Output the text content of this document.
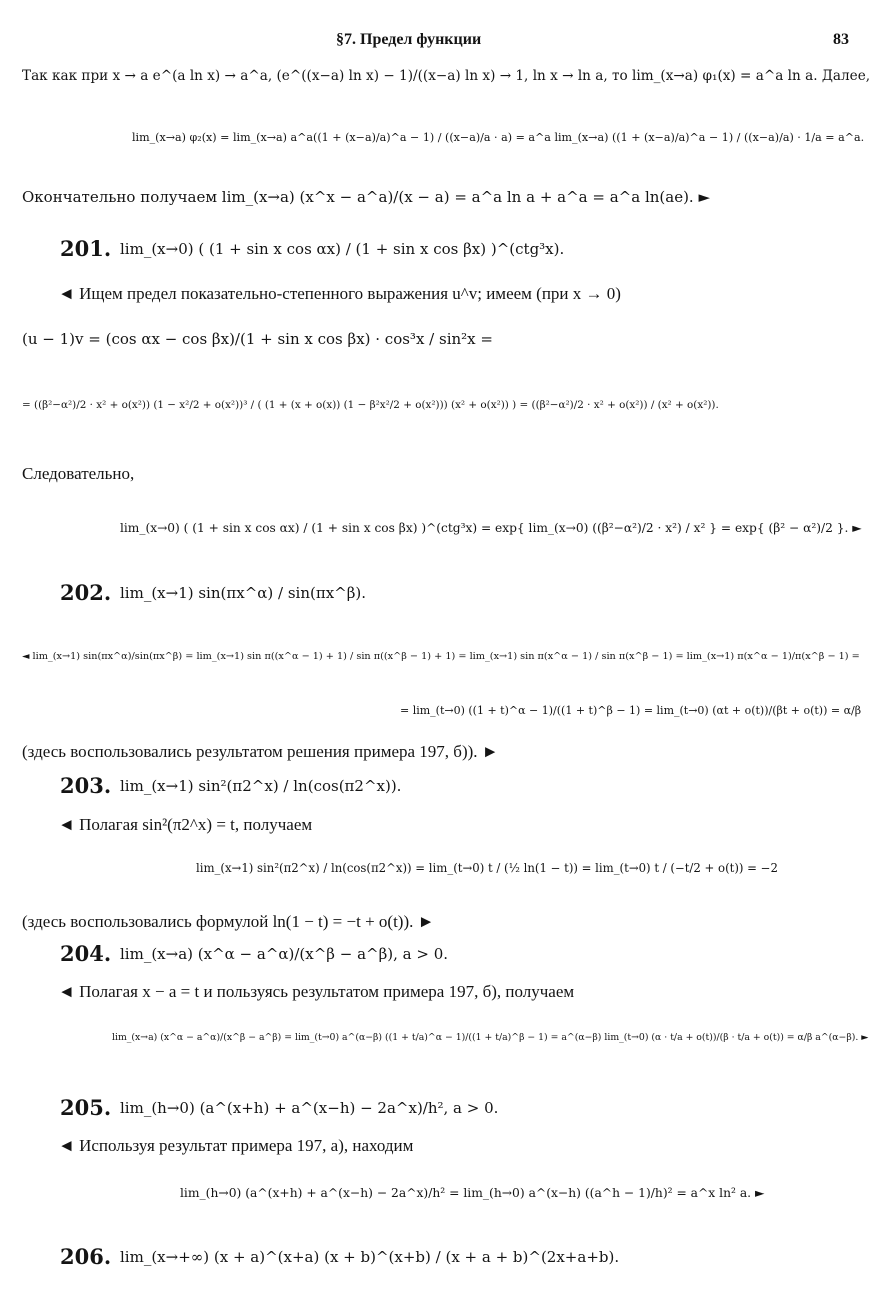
§7. Предел функции	83
Так как при x → a e^(a ln x) → a^a, (e^((x−a) ln x) − 1)/((x−a) ln x) → 1, ln x → ln a, то lim_(x→a) φ₁(x) = a^a ln a. Далее,
lim_(x→a) φ₂(x) = lim_(x→a) a^a((1 + (x−a)/a)^a − 1) / ((x−a)/a · a) = a^a lim_(x→a) ((1 + (x−a)/a)^a − 1) / ((x−a)/a) · 1/a = a^a.
Окончательно получаем lim_(x→a) (x^x − a^a)/(x − a) = a^a ln a + a^a = a^a ln(ae). ►
201. lim_(x→0) ( (1 + sin x cos αx) / (1 + sin x cos βx) )^(ctg³x).
◄ Ищем предел показательно-степенного выражения u^v; имеем (при x → 0)
(u − 1)v = (cos αx − cos βx)/(1 + sin x cos βx) · cos³x / sin²x =
= ((β²−α²)/2 · x² + o(x²)) (1 − x²/2 + o(x²))³ / ( (1 + (x + o(x)) (1 − β²x²/2 + o(x²))) (x² + o(x²)) ) = ((β²−α²)/2 · x² + o(x²)) / (x² + o(x²)).
Следовательно,
lim_(x→0) ( (1 + sin x cos αx) / (1 + sin x cos βx) )^(ctg³x) = exp{ lim_(x→0) ((β²−α²)/2 · x²) / x² } = exp{ (β² − α²)/2 }. ►
202. lim_(x→1) sin(πx^α) / sin(πx^β).
◄ lim_(x→1) sin(πx^α)/sin(πx^β) = lim_(x→1) sin π((x^α − 1) + 1) / sin π((x^β − 1) + 1) = lim_(x→1) sin π(x^α − 1) / sin π(x^β − 1) = lim_(x→1) π(x^α − 1)/π(x^β − 1) =
= lim_(t→0) ((1 + t)^α − 1)/((1 + t)^β − 1) = lim_(t→0) (αt + o(t))/(βt + o(t)) = α/β
(здесь воспользовались результатом решения примера 197, б)). ►
203. lim_(x→1) sin²(π2^x) / ln(cos(π2^x)).
◄ Полагая sin²(π2^x) = t, получаем
lim_(x→1) sin²(π2^x) / ln(cos(π2^x)) = lim_(t→0) t / (½ ln(1 − t)) = lim_(t→0) t / (−t/2 + o(t)) = −2
(здесь воспользовались формулой ln(1 − t) = −t + o(t)). ►
204. lim_(x→a) (x^α − a^α)/(x^β − a^β), a > 0.
◄ Полагая x − a = t и пользуясь результатом примера 197, б), получаем
lim_(x→a) (x^α − a^α)/(x^β − a^β) = lim_(t→0) a^(α−β) ((1 + t/a)^α − 1)/((1 + t/a)^β − 1) = a^(α−β) lim_(t→0) (α · t/a + o(t))/(β · t/a + o(t)) = α/β a^(α−β). ►
205. lim_(h→0) (a^(x+h) + a^(x−h) − 2a^x)/h², a > 0.
◄ Используя результат примера 197, а), находим
lim_(h→0) (a^(x+h) + a^(x−h) − 2a^x)/h² = lim_(h→0) a^(x−h) ((a^h − 1)/h)² = a^x ln² a. ►
206. lim_(x→+∞) (x + a)^(x+a) (x + b)^(x+b) / (x + a + b)^(2x+a+b).
